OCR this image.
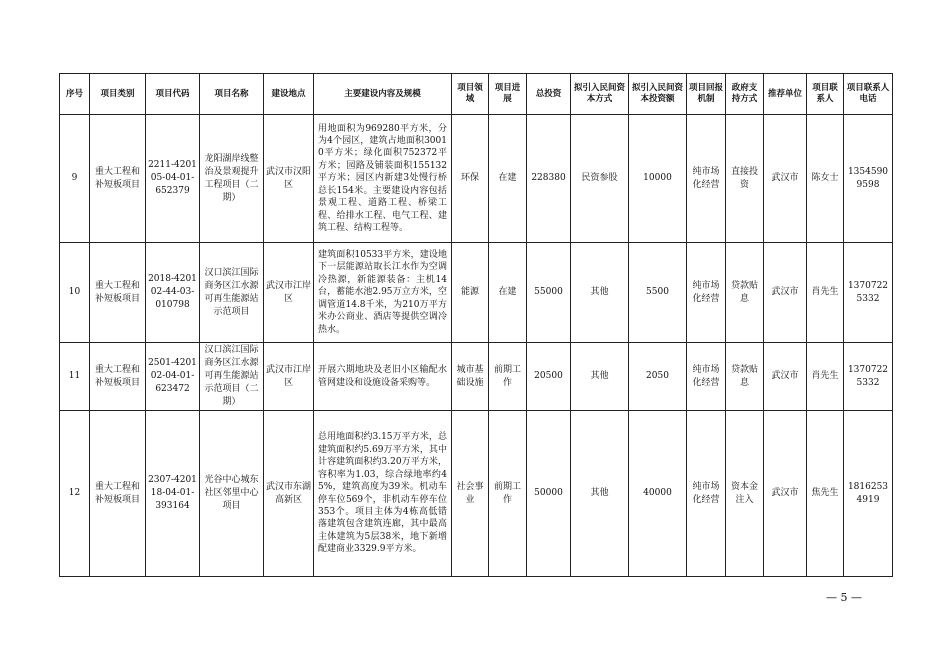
序号	项目类别	项目代码	项目名称	建设地点	主要建设内容及规模	项目领域	项目进展	总投资	拟引入民间资本方式	拟引入民间资本投资额	项目回报机制	政府支持方式	推荐单位	项目联系人	项目联系人电话
9	重大工程和补短板项目	2211-420105-04-01-652379	龙阳湖岸线整治及景观提升工程项目（二期）	武汉市汉阳区	用地面积为969280平方米，分为4个园区，建筑占地面积30010平方米；绿化面积752372平方米；园路及铺装面积155132平方米；园区内新建3处慢行桥总长154米。主要建设内容包括景观工程、道路工程、桥梁工程、给排水工程、电气工程、建筑工程、结构工程等。	环保	在建	228380	民资参股	10000	纯市场化经营	直接投资	武汉市	陈女士	13545909598
10	重大工程和补短板项目	2018-420102-44-03-010798	汉口滨江国际商务区江水源可再生能源站示范项目	武汉市江岸区	建筑面积10533平方米，建设地下一层能源站取长江水作为空调冷热源，新能源装备：主机14台，蓄能水池2.95万立方米，空调管道14.8千米，为210万平方米办公商业、酒店等提供空调冷热水。	能源	在建	55000	其他	5500	纯市场化经营	贷款贴息	武汉市	肖先生	13707225332
11	重大工程和补短板项目	2501-420102-04-01-623472	汉口滨江国际商务区江水源可再生能源站示范项目（二期）	武汉市江岸区	开展六期地块及老旧小区输配水管网建设和设施设备采购等。	城市基础设施	前期工作	20500	其他	2050	纯市场化经营	贷款贴息	武汉市	肖先生	13707225332
12	重大工程和补短板项目	2307-420118-04-01-393164	光谷中心城东社区邻里中心项目	武汉市东湖高新区	总用地面积约3.15万平方米，总建筑面积约5.69万平方米，其中计容建筑面积约3.20万平方米，容积率为1.03，综合绿地率约45%，建筑高度为39米。机动车停车位569个，非机动车停车位353个。项目主体为4栋高低错落建筑包含建筑连廊，其中最高主体建筑为5层38米，地下新增配建商业3329.9平方米。	社会事业	前期工作	50000	其他	40000	纯市场化经营	资本金注入	武汉市	焦先生	18162534919
— 5 —
